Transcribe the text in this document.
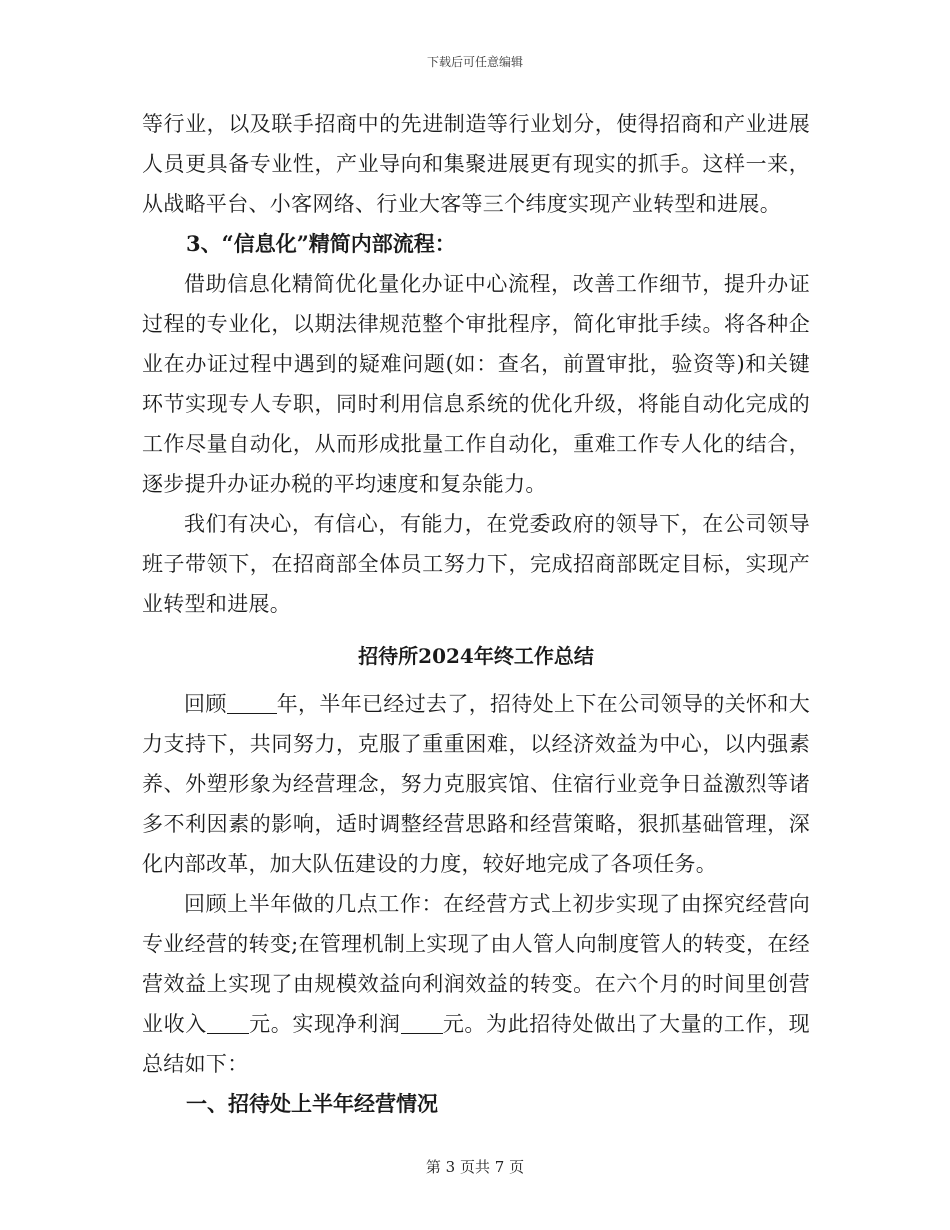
下载后可任意编辑

等行业，以及联手招商中的先进制造等行业划分，使得招商和产业进展人员更具备专业性，产业导向和集聚进展更有现实的抓手。这样一来，从战略平台、小客网络、行业大客等三个纬度实现产业转型和进展。

3、“信息化”精简内部流程：

借助信息化精简优化量化办证中心流程，改善工作细节，提升办证过程的专业化，以期法律规范整个审批程序，简化审批手续。将各种企业在办证过程中遇到的疑难问题(如：查名，前置审批，验资等)和关键环节实现专人专职，同时利用信息系统的优化升级，将能自动化完成的工作尽量自动化，从而形成批量工作自动化，重难工作专人化的结合，逐步提升办证办税的平均速度和复杂能力。

我们有决心，有信心，有能力，在党委政府的领导下，在公司领导班子带领下，在招商部全体员工努力下，完成招商部既定目标，实现产业转型和进展。

招待所2024年终工作总结

回顾 年，半年已经过去了，招待处上下在公司领导的关怀和大力支持下，共同努力，克服了重重困难，以经济效益为中心，以内强素养、外塑形象为经营理念，努力克服宾馆、住宿行业竞争日益激烈等诸多不利因素的影响，适时调整经营思路和经营策略，狠抓基础管理，深化内部改革，加大队伍建设的力度，较好地完成了各项任务。

回顾上半年做的几点工作：在经营方式上初步实现了由探究经营向专业经营的转变;在管理机制上实现了由人管人向制度管人的转变，在经营效益上实现了由规模效益向利润效益的转变。在六个月的时间里创营业收入 元。实现净利润 元。为此招待处做出了大量的工作，现总结如下：

一、招待处上半年经营情况

第 3 页共 7 页
